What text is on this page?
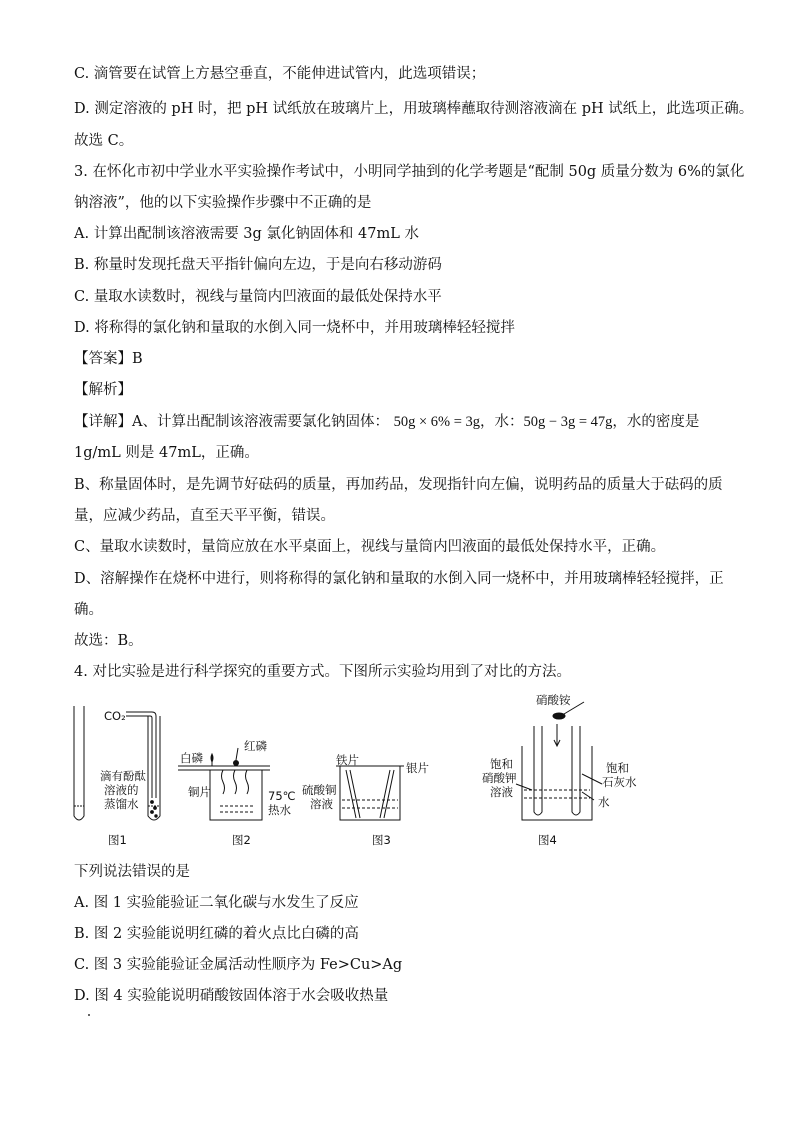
C. 滴管要在试管上方悬空垂直，不能伸进试管内，此选项错误；
D. 测定溶液的 pH 时，把 pH 试纸放在玻璃片上，用玻璃棒蘸取待测溶液滴在 pH 试纸上，此选项正确。
故选 C。
3. 在怀化市初中学业水平实验操作考试中，小明同学抽到的化学考题是“配制 50g 质量分数为 6%的氯化
钠溶液”，他的以下实验操作步骤中不正确的是
A. 计算出配制该溶液需要 3g 氯化钠固体和 47mL 水
B. 称量时发现托盘天平指针偏向左边，于是向右移动游码
C. 量取水读数时，视线与量筒内凹液面的最低处保持水平
D. 将称得的氯化钠和量取的水倒入同一烧杯中，并用玻璃棒轻轻搅拌
【答案】B
【解析】
【详解】A、计算出配制该溶液需要氯化钠固体： 50g × 6% = 3g，水：50g − 3g = 47g，水的密度是
1g/mL 则是 47mL，正确。
B、称量固体时，是先调节好砝码的质量，再加药品，发现指针向左偏，说明药品的质量大于砝码的质
量，应减少药品，直至天平平衡，错误。
C、量取水读数时，量筒应放在水平桌面上，视线与量筒内凹液面的最低处保持水平，正确。
D、溶解操作在烧杯中进行，则将称得的氯化钠和量取的水倒入同一烧杯中，并用玻璃棒轻轻搅拌，正
确。
故选：B。
4. 对比实验是进行科学探究的重要方式。下图所示实验均用到了对比的方法。
CO₂
滴有酚酞
溶液的
蒸馏水
图1
红磷
白磷
铜片	75℃
热水
图2
铁片
银片
硫酸铜
溶液
图3
硝酸铵
饱和
硝酸钾
溶液
饱和
石灰水
水
图4
下列说法错误的是
A. 图 1 实验能验证二氧化碳与水发生了反应
B. 图 2 实验能说明红磷的着火点比白磷的高
C. 图 3 实验能验证金属活动性顺序为 Fe>Cu>Ag
D. 图 4 实验能说明硝酸铵固体溶于水会吸收热量
